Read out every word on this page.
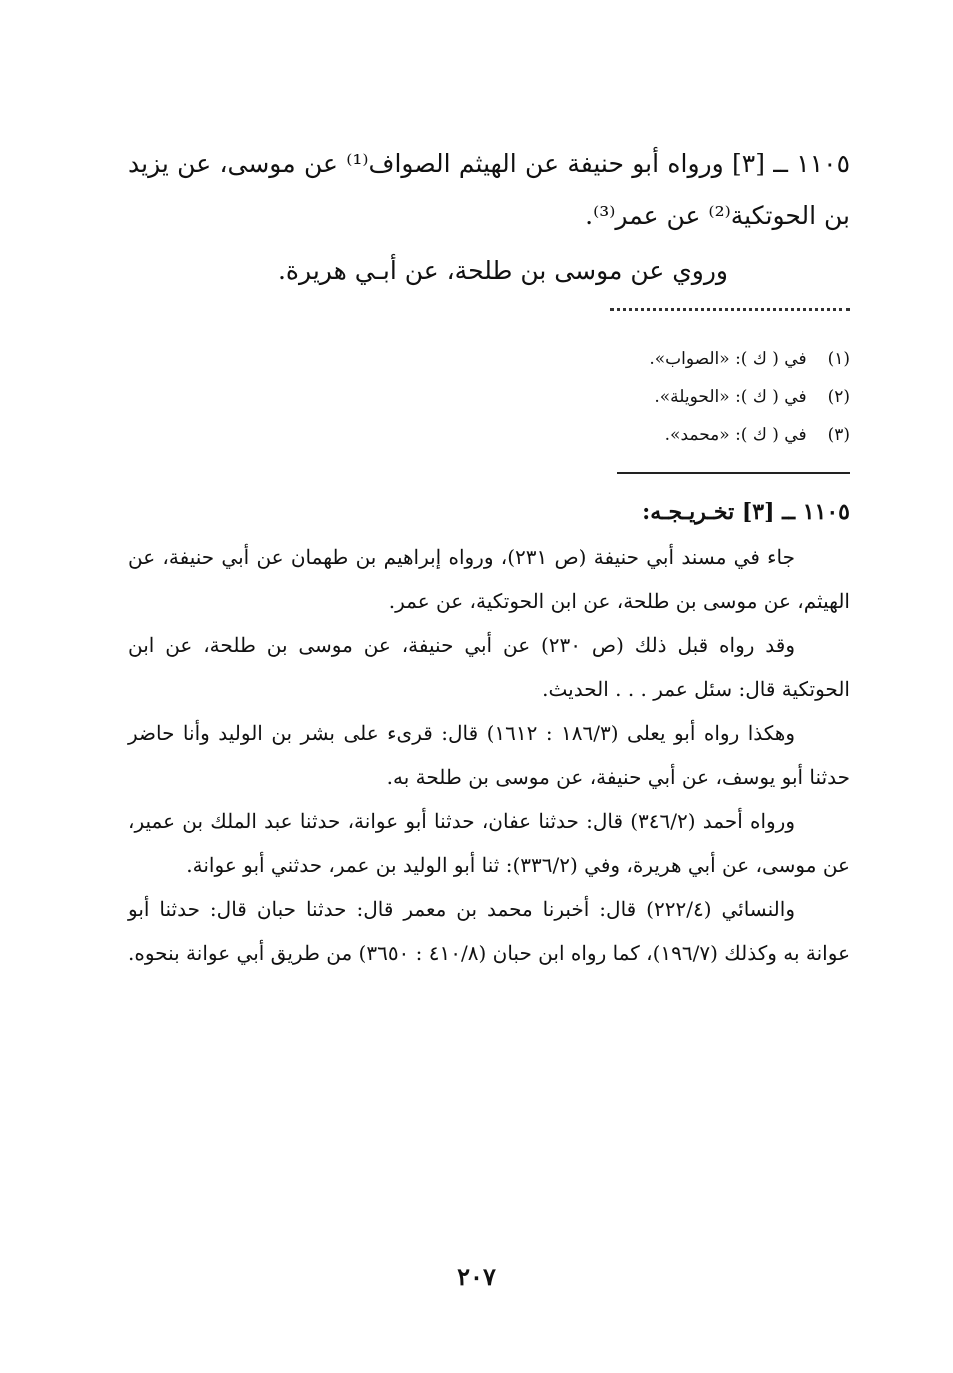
١١٠٥ ــ [٣] ورواه أبو حنيفة عن الهيثم الصواف⁽¹⁾ عن موسى، عن يزيد بن الحوتكية⁽²⁾ عن عمر⁽³⁾.
وروي عن موسى بن طلحة، عن أبـي هريرة.
(١) في ( ك ): «الصواب».
(٢) في ( ك ): «الحويلة».
(٣) في ( ك ): «محمد».
١١٠٥ ــ [٣] تخـريـجـه:

جاء في مسند أبي حنيفة (ص ٢٣١)، ورواه إبراهيم بن طهمان عن أبي حنيفة، عن الهيثم، عن موسى بن طلحة، عن ابن الحوتكية، عن عمر.

وقد رواه قبل ذلك (ص ٢٣٠) عن أبي حنيفة، عن موسى بن طلحة، عن ابن الحوتكية قال: سئل عمر . . . الحديث.

وهكذا رواه أبو يعلى (١٨٦/٣ : ١٦١٢) قال: قرىء على بشر بن الوليد وأنا حاضر حدثنا أبو يوسف، عن أبي حنيفة، عن موسى بن طلحة به.

ورواه أحمد (٣٤٦/٢) قال: حدثنا عفان، حدثنا أبو عوانة، حدثنا عبد الملك بن عمير، عن موسى، عن أبي هريرة، وفي (٣٣٦/٢): ثنا أبو الوليد بن عمر، حدثني أبو عوانة.

والنسائي (٢٢٢/٤) قال: أخبرنا محمد بن معمر قال: حدثنا حبان قال: حدثنا أبو عوانة به وكذلك (١٩٦/٧)، كما رواه ابن حبان (٤١٠/٨ : ٣٦٥٠) من طريق أبي عوانة بنحوه.

٢٠٧
